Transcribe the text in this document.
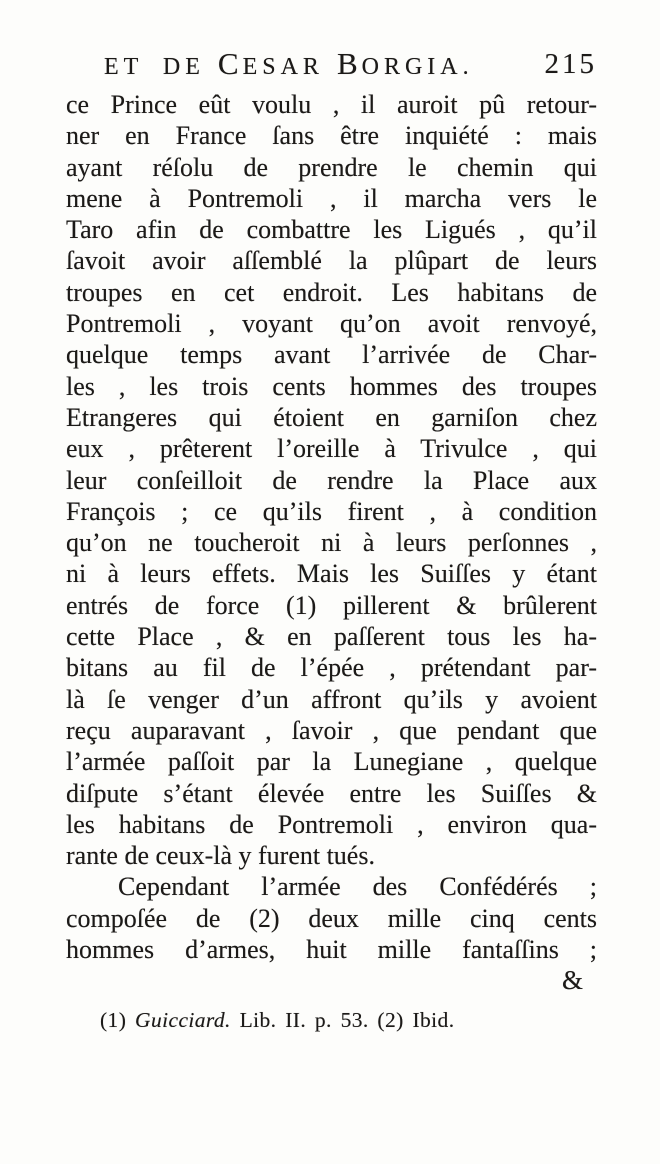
ET DE CESAR BORGIA. 215
ce Prince eût voulu , il auroit pû retour-
ner en France ſans être inquiété : mais
ayant réſolu de prendre le chemin qui
mene à Pontremoli , il marcha vers le
Taro afin de combattre les Ligués , qu’il
ſavoit avoir aſſemblé la plûpart de leurs
troupes en cet endroit. Les habitans de
Pontremoli , voyant qu’on avoit renvoyé,
quelque temps avant l’arrivée de Char-
les , les trois cents hommes des troupes
Etrangeres qui étoient en garniſon chez
eux , prêterent l’oreille à Trivulce , qui
leur conſeilloit de rendre la Place aux
François ; ce qu’ils firent , à condition
qu’on ne toucheroit ni à leurs perſonnes ,
ni à leurs effets. Mais les Suiſſes y étant
entrés de force (1) pillerent & brûlerent
cette Place , & en paſſerent tous les ha-
bitans au fil de l’épée , prétendant par-
là ſe venger d’un affront qu’ils y avoient
reçu auparavant , ſavoir , que pendant que
l’armée paſſoit par la Lunegiane , quelque
diſpute s’étant élevée entre les Suiſſes &
les habitans de Pontremoli , environ qua-
rante de ceux-là y furent tués.
Cependant l’armée des Confédérés ;
compoſée de (2) deux mille cinq cents
hommes d’armes, huit mille fantaſſins ;
&
(1) Guicciard. Lib. II. p. 53. (2) Ibid.
